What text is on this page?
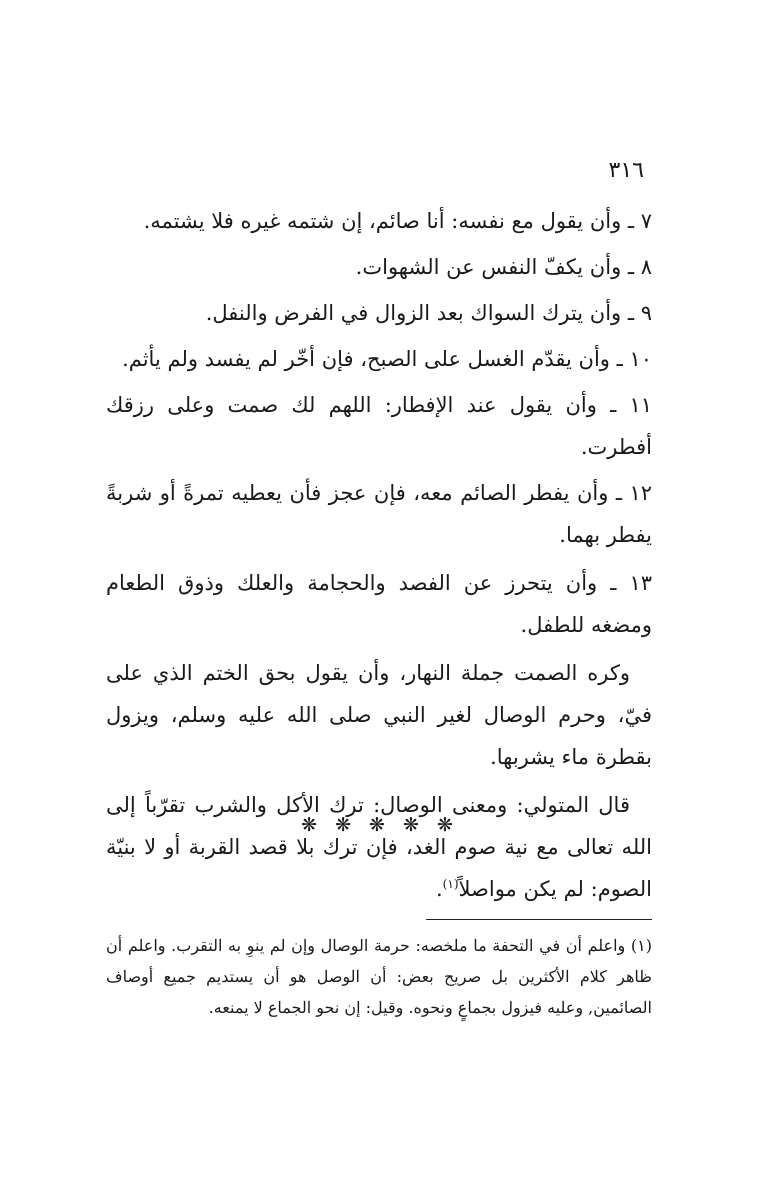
٣١٦

٧ ـ وأن يقول مع نفسه: أنا صائم، إن شتمه غيره فلا يشتمه.

٨ ـ وأن يكفّ النفس عن الشهوات.

٩ ـ وأن يترك السواك بعد الزوال في الفرض والنفل.

١٠ ـ وأن يقدّم الغسل على الصبح، فإن أخّر لم يفسد ولم يأثم.

١١ ـ وأن يقول عند الإفطار: اللهم لك صمت وعلى رزقك أفطرت.

١٢ ـ وأن يفطر الصائم معه، فإن عجز فأن يعطيه تمرةً أو شربةً يفطر بهما.

١٣ ـ وأن يتحرز عن الفصد والحجامة والعلك وذوق الطعام ومضغه للطفل.

وكره الصمت جملة النهار، وأن يقول بحق الختم الذي على فيّ، وحرم الوصال لغير النبي صلى الله عليه وسلم، ويزول بقطرة ماء يشربها.

قال المتولي: ومعنى الوصال: ترك الأكل والشرب تقرّباً إلى الله تعالى مع نية صوم الغد، فإن ترك بلا قصد القربة أو لا بنيّة الصوم: لم يكن مواصلاً$^{(١)}$.

❋ ❋ ❋ ❋ ❋

(١) واعلم أن في التحفة ما ملخصه: حرمة الوصال وإن لم ينوِ به التقرب. واعلم أن ظاهر كلام الأكثرين بل صريح بعض: أن الوصل هو أن يستديم جميع أوصاف الصائمين, وعليه فيزول بجماعٍ ونحوه. وقيل: إن نحو الجماع لا يمنعه.
